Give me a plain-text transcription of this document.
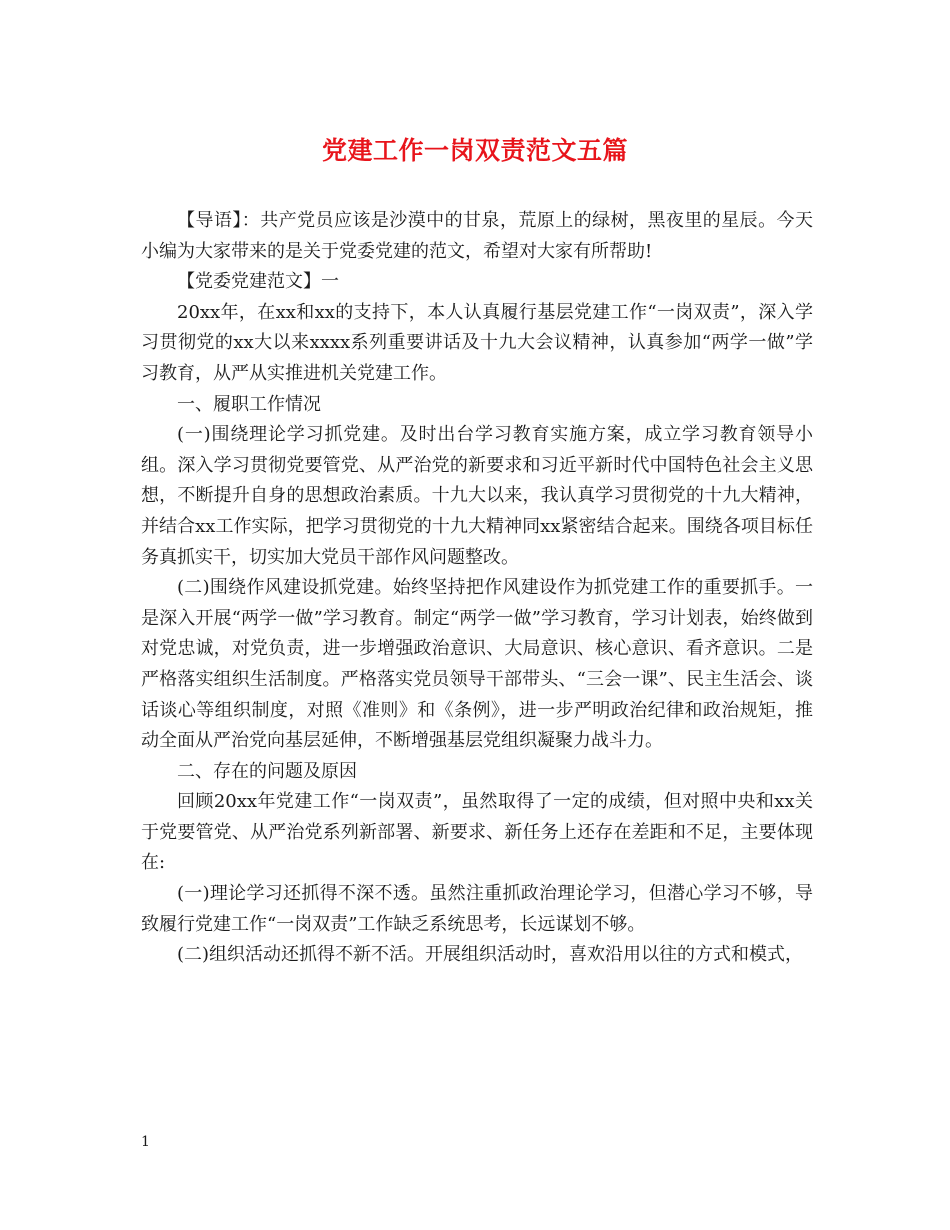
党建工作一岗双责范文五篇

【导语】：共产党员应该是沙漠中的甘泉，荒原上的绿树，黑夜里的星辰。今天小编为大家带来的是关于党委党建的范文，希望对大家有所帮助!

【党委党建范文】一

20xx年，在xx和xx的支持下，本人认真履行基层党建工作“一岗双责”，深入学习贯彻党的xx大以来xxxx系列重要讲话及十九大会议精神，认真参加“两学一做”学习教育，从严从实推进机关党建工作。

一、履职工作情况

(一)围绕理论学习抓党建。及时出台学习教育实施方案，成立学习教育领导小组。深入学习贯彻党要管党、从严治党的新要求和习近平新时代中国特色社会主义思想，不断提升自身的思想政治素质。十九大以来，我认真学习贯彻党的十九大精神，并结合xx工作实际，把学习贯彻党的十九大精神同xx紧密结合起来。围绕各项目标任务真抓实干，切实加大党员干部作风问题整改。

(二)围绕作风建设抓党建。始终坚持把作风建设作为抓党建工作的重要抓手。一是深入开展“两学一做”学习教育。制定“两学一做”学习教育，学习计划表，始终做到对党忠诚，对党负责，进一步增强政治意识、大局意识、核心意识、看齐意识。二是严格落实组织生活制度。严格落实党员领导干部带头、“三会一课”、民主生活会、谈话谈心等组织制度，对照《准则》和《条例》，进一步严明政治纪律和政治规矩，推动全面从严治党向基层延伸，不断增强基层党组织凝聚力战斗力。

二、存在的问题及原因

回顾20xx年党建工作“一岗双责”，虽然取得了一定的成绩，但对照中央和xx关于党要管党、从严治党系列新部署、新要求、新任务上还存在差距和不足，主要体现在:

(一)理论学习还抓得不深不透。虽然注重抓政治理论学习，但潜心学习不够，导致履行党建工作“一岗双责”工作缺乏系统思考，长远谋划不够。

(二)组织活动还抓得不新不活。开展组织活动时，喜欢沿用以往的方式和模式，

1
